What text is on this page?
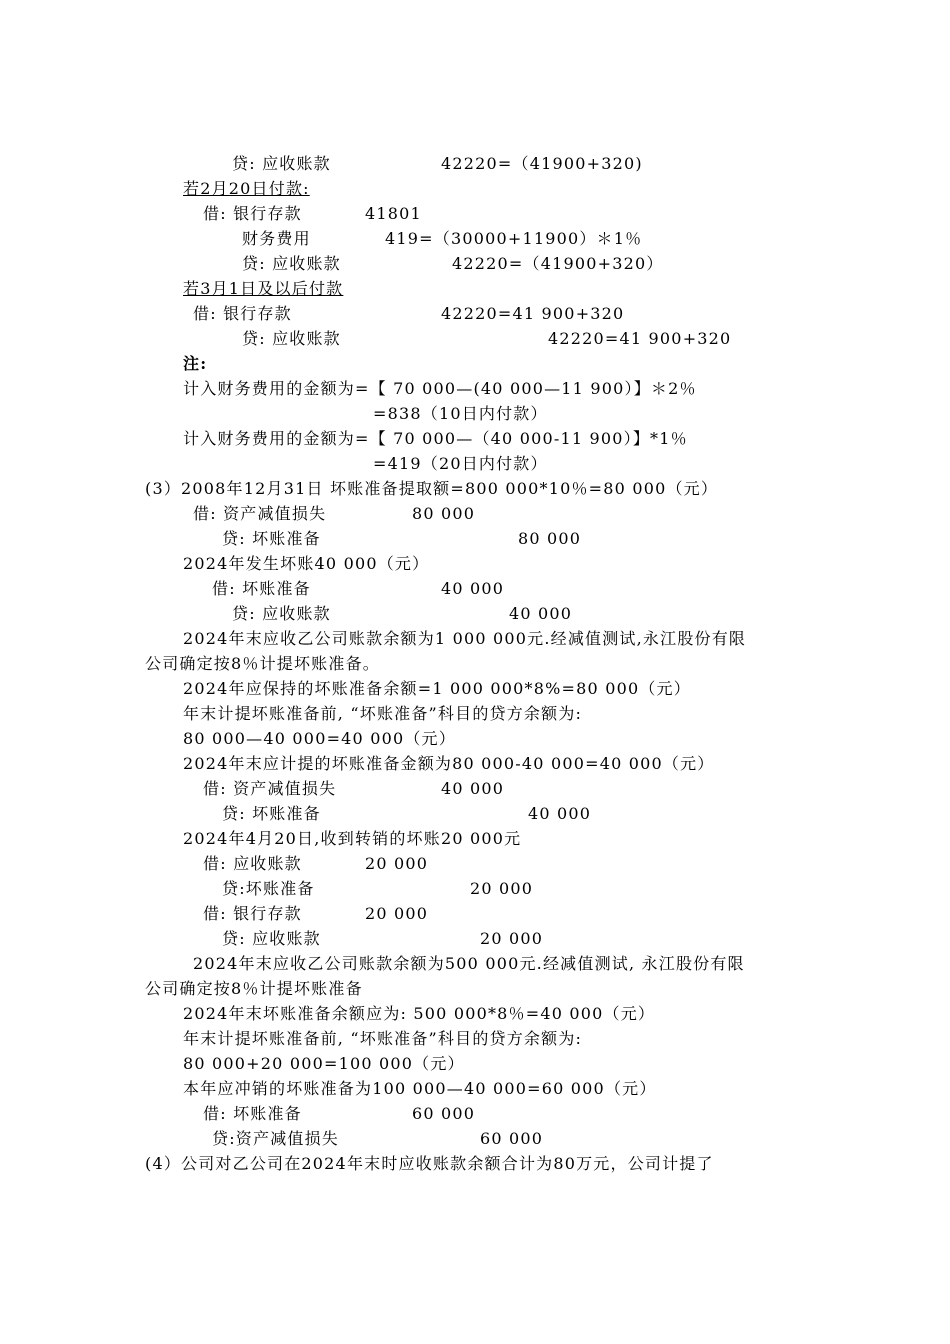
贷: 应收账款	42220=（41900+320)
若2月20日付款:
借: 银行存款	41801
财务费用	419=（30000+11900）＊1％
贷: 应收账款	42220=（41900+320）
若3月1日及以后付款
借: 银行存款	42220=41 900+320
贷: 应收账款	42220=41 900+320
注:
计入财务费用的金额为=【 70 000—(40 000—11 900）】＊2％
=838（10日内付款）
计入财务费用的金额为=【 70 000—（40 000-11 900）】*1％
=419（20日内付款）
(3）2008年12月31日 坏账准备提取额=800 000*10％=80 000（元）
借: 资产减值损失	80 000
贷: 坏账准备	80 000
2024年发生坏账40 000（元）
借: 坏账准备	40 000
贷: 应收账款	40 000
2024年末应收乙公司账款余额为1 000 000元.经减值测试,永江股份有限
公司确定按8％计提坏账准备。
2024年应保持的坏账准备余额=1 000 000*8%=80 000（元）
年末计提坏账准备前, “坏账准备”科目的贷方余额为:
80 000—40 000=40 000（元）
2024年末应计提的坏账准备金额为80 000-40 000=40 000（元）
借: 资产减值损失	40 000
贷: 坏账准备	40 000
2024年4月20日,收到转销的坏账20 000元
借: 应收账款	20 000
贷:坏账准备	20 000
借: 银行存款	20 000
贷: 应收账款	20 000
2024年末应收乙公司账款余额为500 000元.经减值测试, 永江股份有限
公司确定按8％计提坏账准备
2024年末坏账准备余额应为: 500 000*8％=40 000（元）
年末计提坏账准备前, “坏账准备”科目的贷方余额为:
80 000+20 000=100 000（元）
本年应冲销的坏账准备为100 000—40 000=60 000（元）
借: 坏账准备	60 000
贷:资产减值损失	60 000
(4）公司对乙公司在2024年末时应收账款余额合计为80万元，公司计提了
